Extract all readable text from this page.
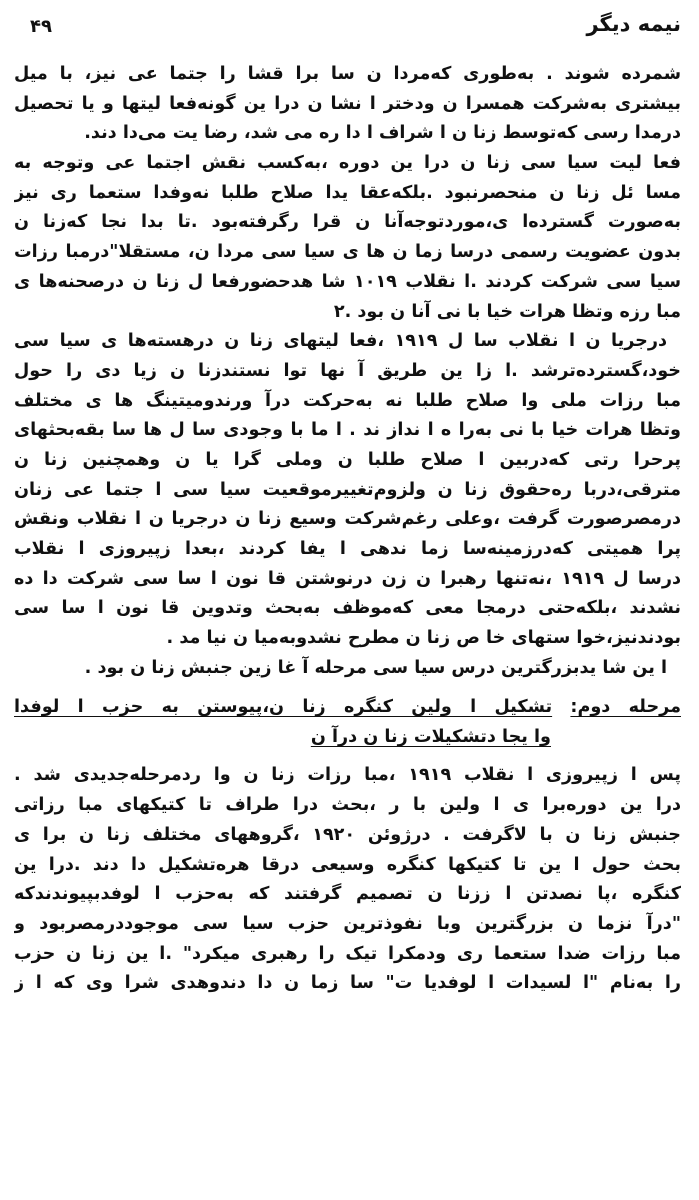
۴۹	نیمه دیگر
شمرده شوند . به‌طوری که‌مردا ن سا برا قشا را جتما عی نیز، با میل
بیشتری به‌شرکت همسرا ن ودختر ا نشا ن درا ین گونه‌فعا لیتها و یا تحصیل
درمدا رسی که‌توسط زنا ن ا شراف ا دا ره می شد، رضا یت می‌دا دند.
فعا لیت سیا سی زنا ن درا ین دوره ،به‌کسب نقش اجتما عی وتوجه به
مسا ئل زنا ن منحصرنبود .بلکه‌عقا یدا صلاح طلبا نه‌وفدا ستعما ری نیز
به‌صورت گسترده‌ا ی،موردتوجه‌آنا ن قرا رگرفته‌بود .تا بدا نجا که‌زنا ن
بدون عضویت رسمی درسا زما ن ها ی سیا سی مردا ن، مستقلا"درمبا رزات
سیا سی شرکت کردند .ا نقلاب ۱۰۱۹ شا هدحضورفعا ل زنا ن درصحنه‌ها ی
مبا رزه وتظا هرات خیا با نی آنا ن بود .۲
درجریا ن ا نقلاب سا ل ۱۹۱۹ ،فعا لیتهای زنا ن درهسته‌ها ی سیا سی
خود،گسترده‌ترشد .ا زا ین طریق آ نها توا نستندزنا ن زیا دی را حول
مبا رزات ملی وا صلاح طلبا نه به‌حرکت درآ ورندومیتینگ ها ی مختلف
وتظا هرات خیا با نی به‌را ه ا نداز ند . ا ما با وجودی سا ل ‌ها سا بقه‌بحثهای
پرحرا رتی که‌دربین ا صلاح طلبا ن وملی گرا یا ن وهمچنین زنا ن
مترقی،دربا ره‌حقوق زنا ن ولزوم‌تغییرموقعیت سیا سی ا جتما عی زنان
درمصرصورت گرفت ،وعلی رغم‌شرکت وسیع زنا ن درجریا ن ا نقلاب ونقش
پرا همیتی که‌درزمینه‌سا زما ندهی ا یفا کردند ،بعدا زپیروزی ا نقلاب
درسا ل ۱۹۱۹ ،نه‌تنها رهبرا ن زن درنوشتن قا نون ا سا سی شرکت دا ده
نشدند ،بلکه‌حتی درمجا معی که‌موظف به‌بحث وتدوین قا نون ا سا سی
بودندنیز،خوا ستهای خا ص زنا ن مطرح نشدوبه‌میا ن نیا مد .
ا ین شا یدبزرگترین درس سیا سی مرحله آ غا زین جنبش زنا ن بود .
مرحله دوم: تشکیل ا ولین کنگره زنا ن،پیوستن به حزب ا لوفدا
وا یجا دتشکیلات زنا ن درآ ن
پس ا زپیروزی ا نقلاب ۱۹۱۹ ،مبا رزات زنا ن وا ردمرحله‌جدیدی شد .
درا ین دوره‌برا ی ا ولین با ر ،بحث درا طراف تا کتیکهای مبا رزاتی
جنبش زنا ن با لاگرفت . درژوئن ۱۹۲۰ ،گروههای مختلف زنا ن برا ی
بحث حول ا ین تا کتیکها کنگره وسیعی درقا هره‌تشکیل دا دند .درا ین
کنگره ،پا نصدتن ا ززنا ن تصمیم گرفتند که به‌حزب ا لوفدبپیوندندکه
"درآ نزما ن بزرگترین وبا نفوذترین حزب سیا سی موجوددرمصربود و
مبا رزات ضدا ستعما ری ودمکرا تیک را رهبری میکرد" .ا ین زنا ن حزب
را به‌نام "ا لسیدات ا لوفدیا ت" سا زما ن دا دندوهدی شرا وی که ا ز
